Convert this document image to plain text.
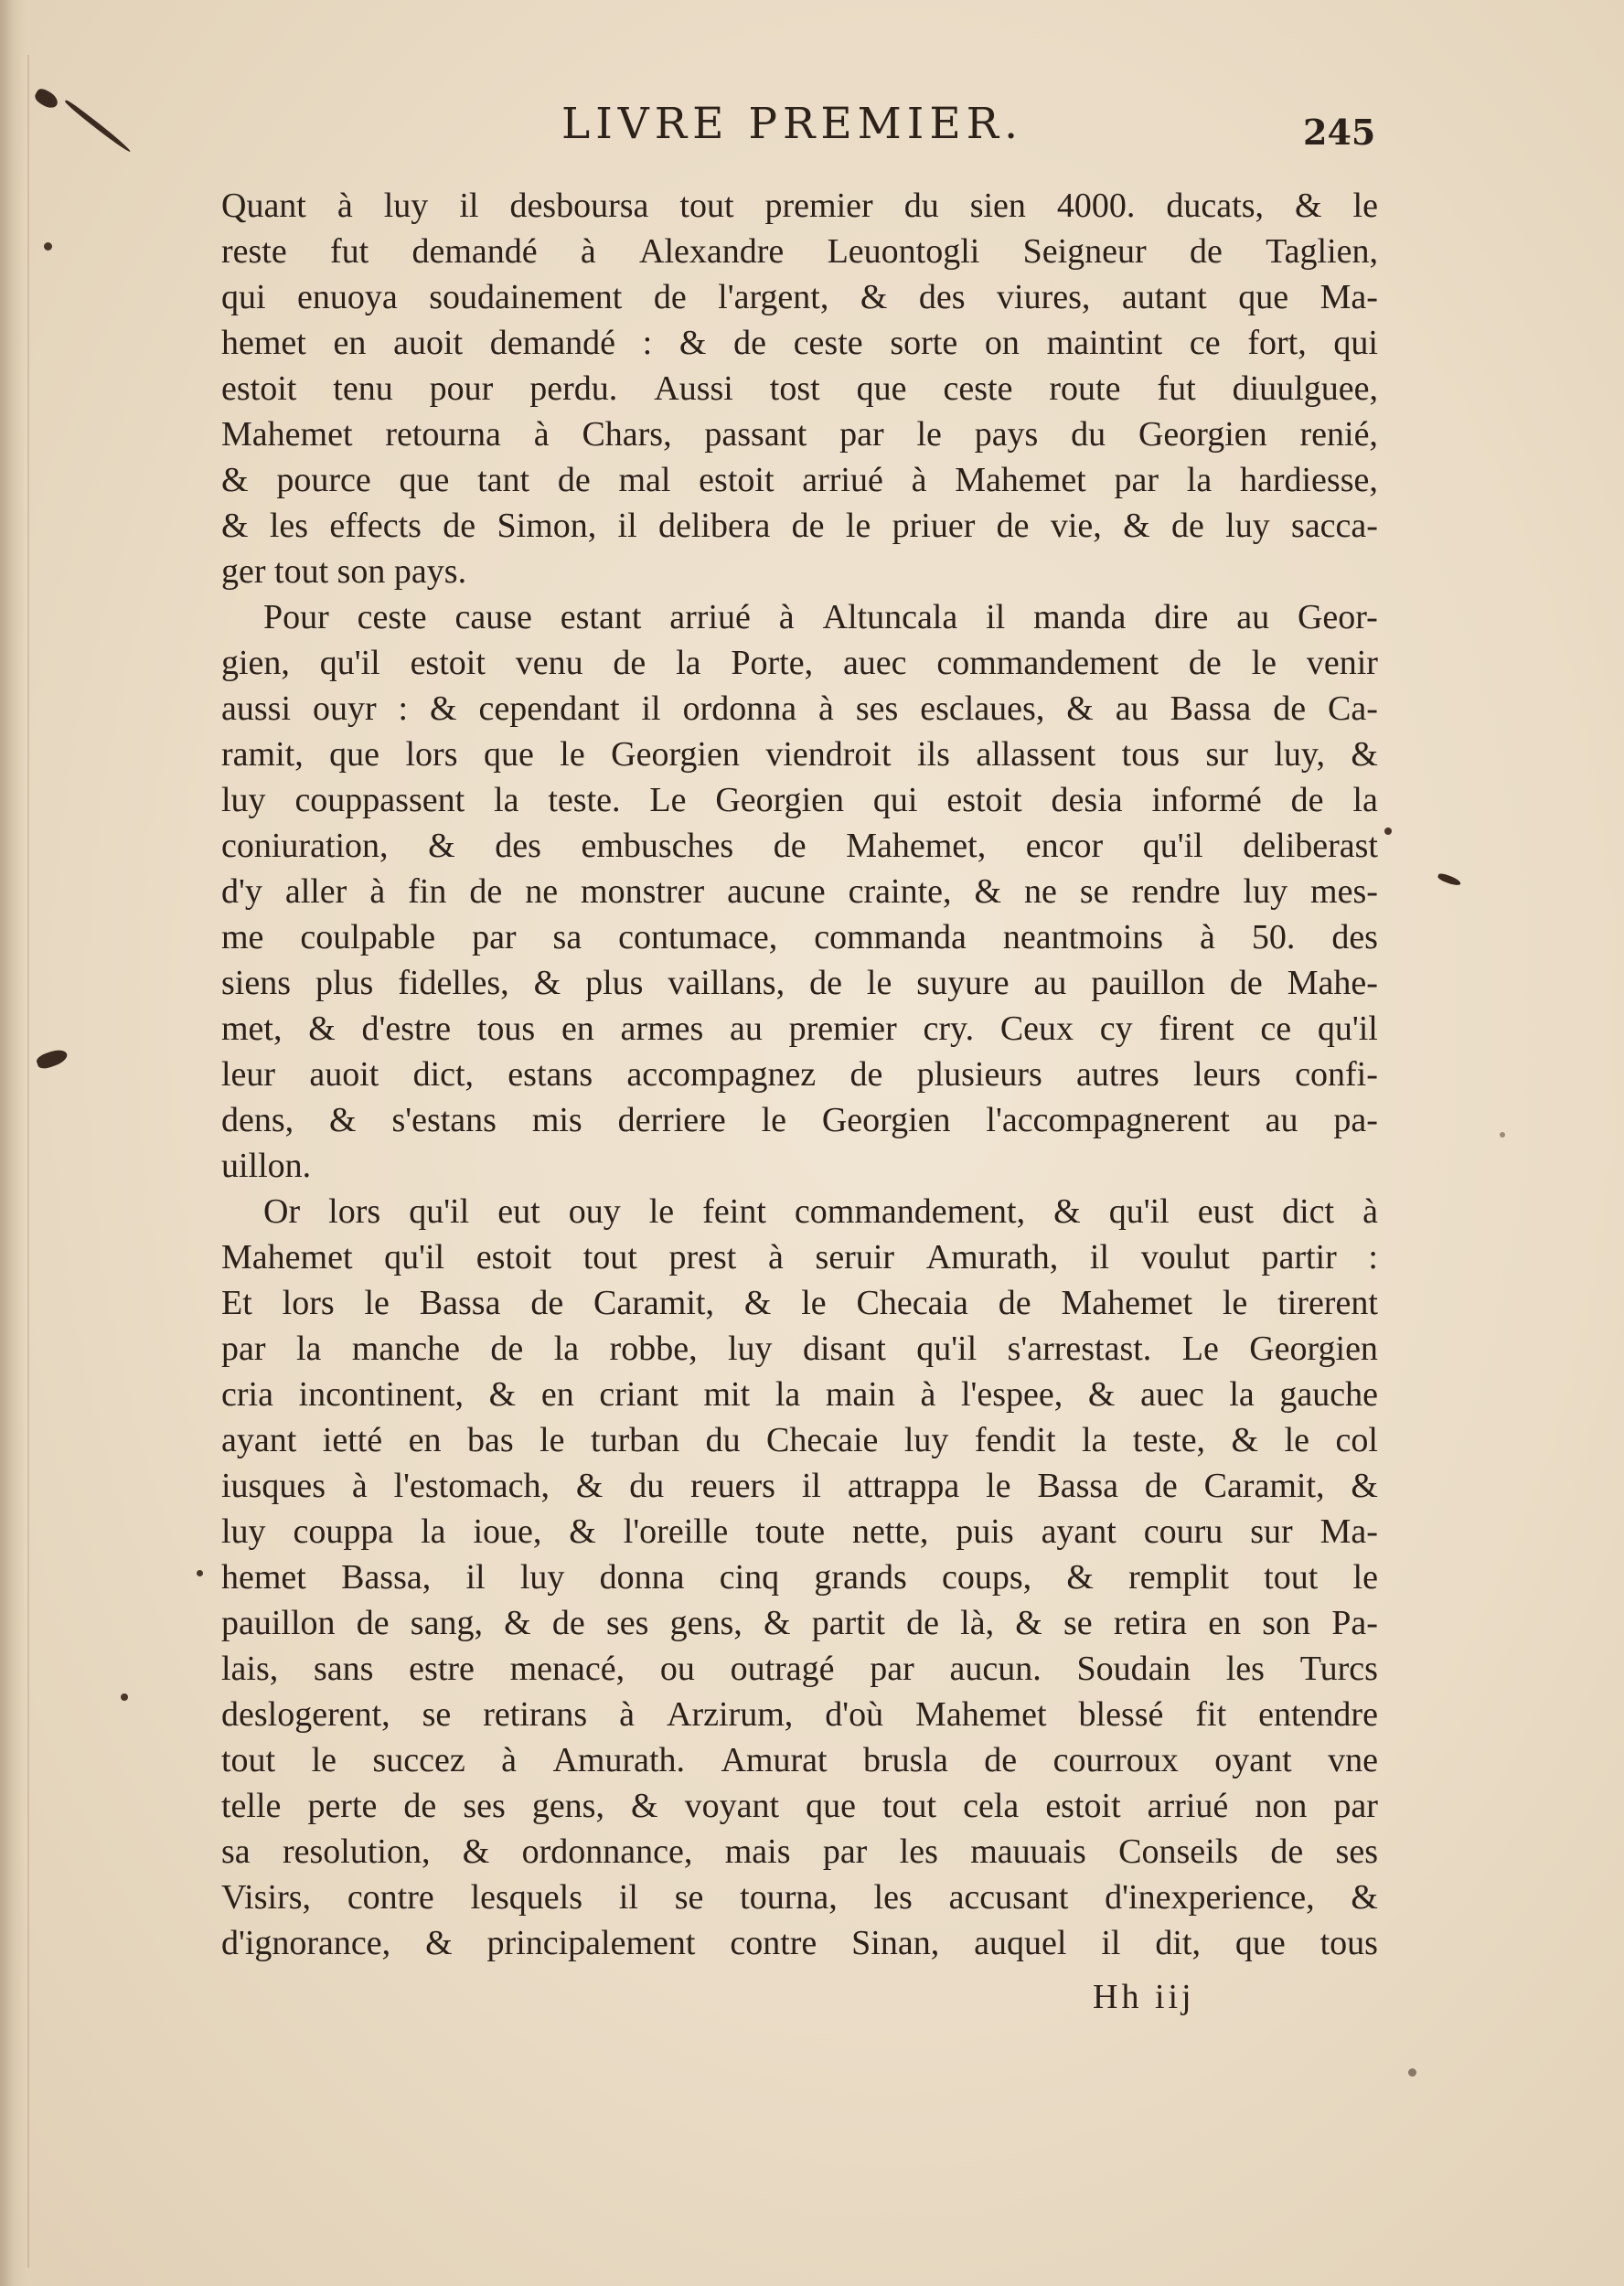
LIVRE PREMIER.	245
Quant à luy il desboursa tout premier du sien 4000. ducats, & le
reste fut demandé à Alexandre Leuontogli Seigneur de Taglien,
qui enuoya soudainement de l'argent, & des viures, autant que Ma-
hemet en auoit demandé : & de ceste sorte on maintint ce fort, qui
estoit tenu pour perdu. Aussi tost que ceste route fut diuulguee,
Mahemet retourna à Chars, passant par le pays du Georgien renié,
& pource que tant de mal estoit arriué à Mahemet par la hardiesse,
& les effects de Simon, il delibera de le priuer de vie, & de luy sacca-
ger tout son pays.
Pour ceste cause estant arriué à Altuncala il manda dire au Geor-
gien, qu'il estoit venu de la Porte, auec commandement de le venir
aussi ouyr : & cependant il ordonna à ses esclaues, & au Bassa de Ca-
ramit, que lors que le Georgien viendroit ils allassent tous sur luy, &
luy couppassent la teste. Le Georgien qui estoit desia informé de la
coniuration, & des embusches de Mahemet, encor qu'il deliberast
d'y aller à fin de ne monstrer aucune crainte, & ne se rendre luy mes-
me coulpable par sa contumace, commanda neantmoins à 50. des
siens plus fidelles, & plus vaillans, de le suyure au pauillon de Mahe-
met, & d'estre tous en armes au premier cry. Ceux cy firent ce qu'il
leur auoit dict, estans accompagnez de plusieurs autres leurs confi-
dens, & s'estans mis derriere le Georgien l'accompagnerent au pa-
uillon.
Or lors qu'il eut ouy le feint commandement, & qu'il eust dict à
Mahemet qu'il estoit tout prest à seruir Amurath, il voulut partir :
Et lors le Bassa de Caramit, & le Checaia de Mahemet le tirerent
par la manche de la robbe, luy disant qu'il s'arrestast. Le Georgien
cria incontinent, & en criant mit la main à l'espee, & auec la gauche
ayant ietté en bas le turban du Checaie luy fendit la teste, & le col
iusques à l'estomach, & du reuers il attrappa le Bassa de Caramit, &
luy couppa la ioue, & l'oreille toute nette, puis ayant couru sur Ma-
hemet Bassa, il luy donna cinq grands coups, & remplit tout le
pauillon de sang, & de ses gens, & partit de là, & se retira en son Pa-
lais, sans estre menacé, ou outragé par aucun. Soudain les Turcs
deslogerent, se retirans à Arzirum, d'où Mahemet blessé fit entendre
tout le succez à Amurath. Amurat brusla de courroux oyant vne
telle perte de ses gens, & voyant que tout cela estoit arriué non par
sa resolution, & ordonnance, mais par les mauuais Conseils de ses
Visirs, contre lesquels il se tourna, les accusant d'inexperience, &
d'ignorance, & principalement contre Sinan, auquel il dit, que tous
Hh iij
